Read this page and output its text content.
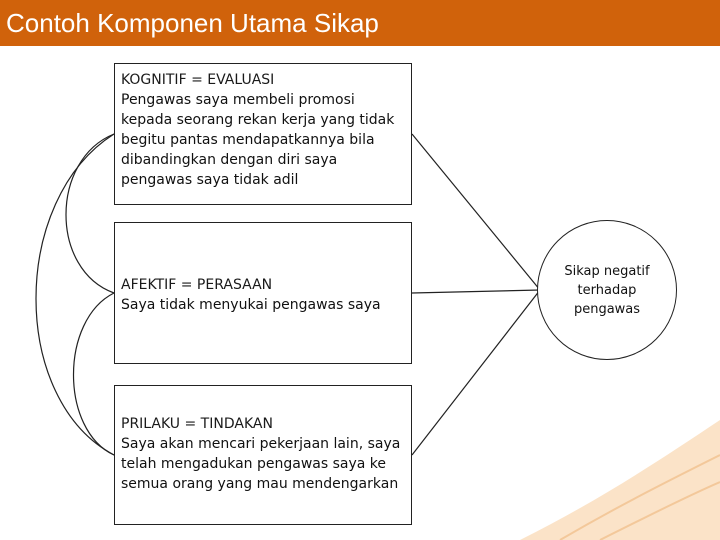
Contoh Komponen Utama Sikap
KOGNITIF = EVALUASI
Pengawas saya membeli promosi kepada seorang rekan kerja yang tidak begitu pantas mendapatkannya bila dibandingkan dengan diri saya pengawas saya tidak adil
AFEKTIF = PERASAAN
Saya tidak menyukai pengawas saya
PRILAKU = TINDAKAN
Saya akan mencari pekerjaan lain, saya telah mengadukan pengawas saya ke semua orang yang mau mendengarkan
Sikap negatif terhadap pengawas
